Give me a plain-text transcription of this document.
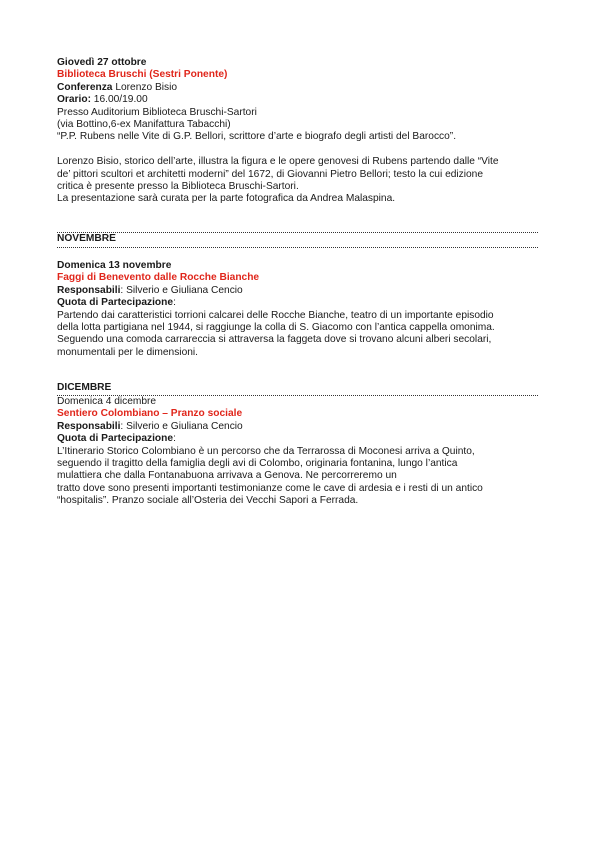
Giovedì 27 ottobre
Biblioteca Bruschi (Sestri Ponente)
Conferenza Lorenzo Bisio
Orario: 16.00/19.00
Presso Auditorium Biblioteca Bruschi-Sartori
(via Bottino,6-ex Manifattura Tabacchi)
“P.P. Rubens nelle Vite di G.P. Bellori, scrittore d’arte e biografo degli artisti del Barocco”.
Lorenzo Bisio, storico dell’arte, illustra la figura e le opere genovesi di Rubens partendo dalle “Vite
de’ pittori scultori et architetti moderni” del 1672, di Giovanni Pietro Bellori; testo la cui edizione
critica è presente presso la Biblioteca Bruschi-Sartori.
La presentazione sarà curata per la parte fotografica da Andrea Malaspina.
NOVEMBRE
Domenica 13 novembre
Faggi di Benevento dalle Rocche Bianche
Responsabili: Silverio e Giuliana Cencio
Quota di Partecipazione:
Partendo dai caratteristici torrioni calcarei delle Rocche Bianche, teatro di un importante episodio
della lotta partigiana nel 1944, si raggiunge la colla di S. Giacomo con l’antica cappella omonima.
Seguendo una comoda carrareccia si attraversa la faggeta dove si trovano alcuni alberi secolari,
monumentali per le dimensioni.
DICEMBRE
Domenica 4 dicembre
Sentiero Colombiano – Pranzo sociale
Responsabili: Silverio e Giuliana Cencio
Quota di Partecipazione:
L’Itinerario Storico Colombiano è un percorso che da Terrarossa di Moconesi arriva a Quinto,
seguendo il tragitto della famiglia degli avi di Colombo, originaria fontanina, lungo l’antica
mulattiera che dalla Fontanabuona arrivava a Genova. Ne percorreremo un
tratto dove sono presenti importanti testimonianze come le cave di ardesia e i resti di un antico
“hospitalis”. Pranzo sociale all’Osteria dei Vecchi Sapori a Ferrada.
